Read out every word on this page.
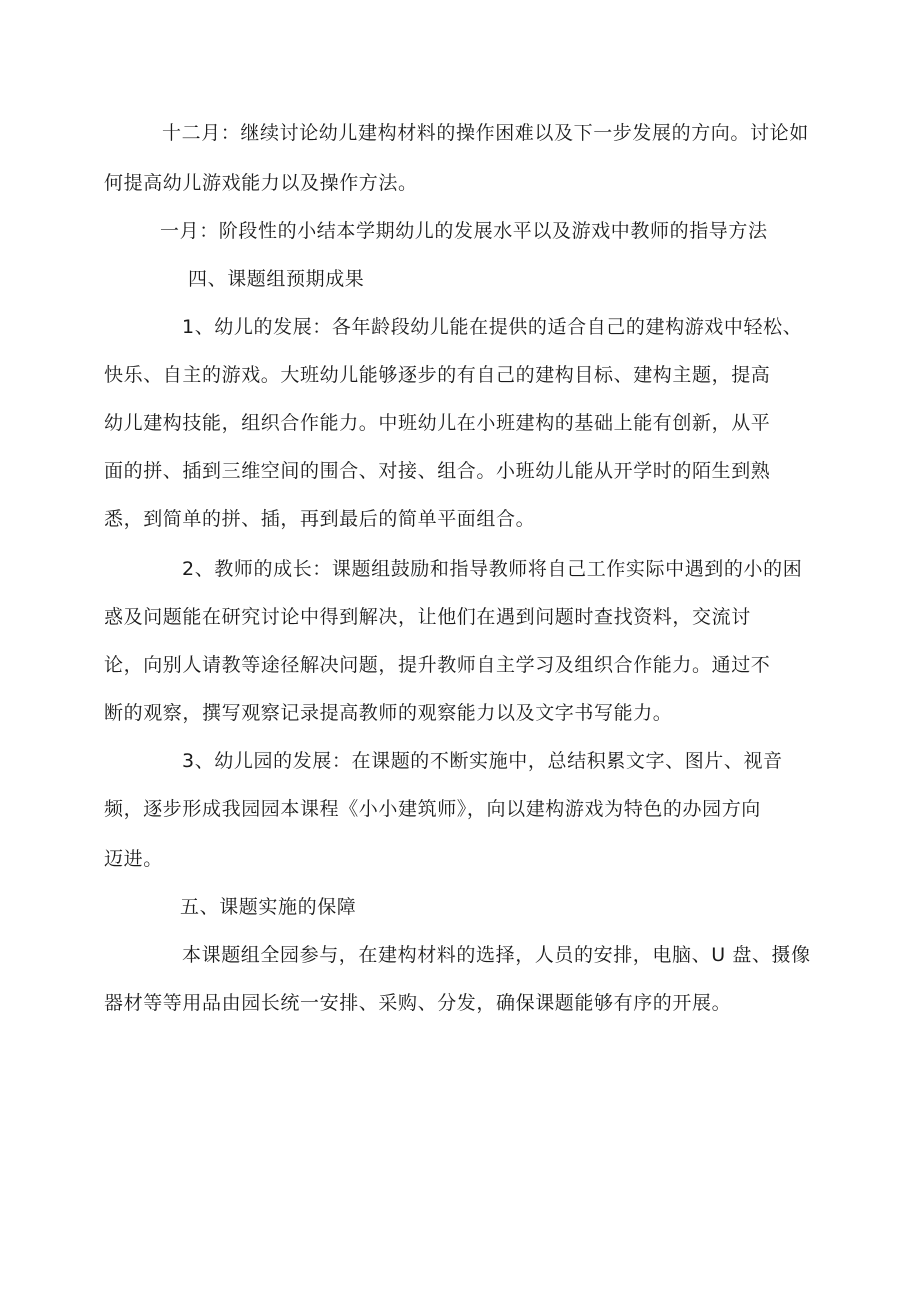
十二月：继续讨论幼儿建构材料的操作困难以及下一步发展的方向。讨论如
何提高幼儿游戏能力以及操作方法。
一月：阶段性的小结本学期幼儿的发展水平以及游戏中教师的指导方法
四、课题组预期成果
1、幼儿的发展：各年龄段幼儿能在提供的适合自己的建构游戏中轻松、
快乐、自主的游戏。大班幼儿能够逐步的有自己的建构目标、建构主题，提高
幼儿建构技能，组织合作能力。中班幼儿在小班建构的基础上能有创新，从平
面的拼、插到三维空间的围合、对接、组合。小班幼儿能从开学时的陌生到熟
悉，到简单的拼、插，再到最后的简单平面组合。
2、教师的成长：课题组鼓励和指导教师将自己工作实际中遇到的小的困
惑及问题能在研究讨论中得到解决，让他们在遇到问题时查找资料，交流讨
论，向别人请教等途径解决问题，提升教师自主学习及组织合作能力。通过不
断的观察，撰写观察记录提高教师的观察能力以及文字书写能力。
3、幼儿园的发展：在课题的不断实施中，总结积累文字、图片、视音
频，逐步形成我园园本课程《小小建筑师》，向以建构游戏为特色的办园方向
迈进。
五、课题实施的保障
本课题组全园参与，在建构材料的选择，人员的安排，电脑、U 盘、摄像
器材等等用品由园长统一安排、采购、分发，确保课题能够有序的开展。
